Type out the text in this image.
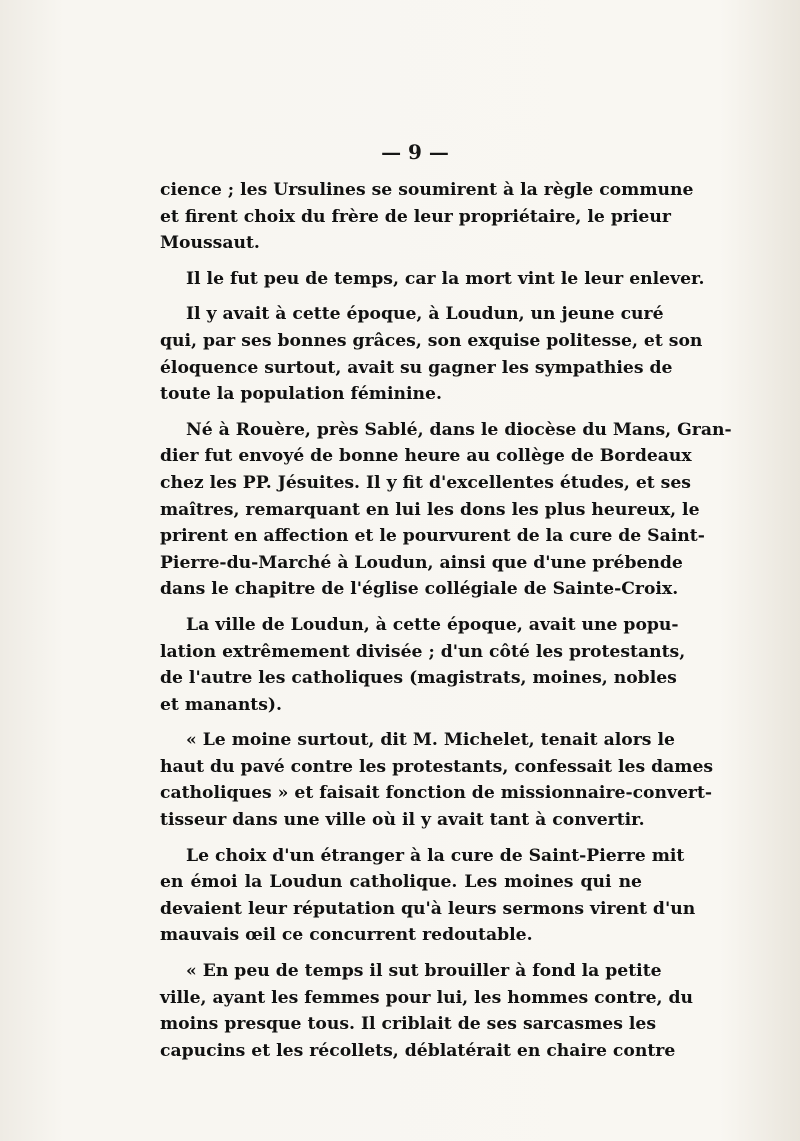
— 9 —
cience ; les Ursulines se soumirent à la règle commune
et firent choix du frère de leur propriétaire, le prieur
Moussaut.
Il le fut peu de temps, car la mort vint le leur enlever.
Il y avait à cette époque, à Loudun, un jeune curé
qui, par ses bonnes grâces, son exquise politesse, et son
éloquence surtout, avait su gagner les sympathies de
toute la population féminine.
Né à Rouère, près Sablé, dans le diocèse du Mans, Gran-
dier fut envoyé de bonne heure au collège de Bordeaux
chez les PP. Jésuites. Il y fit d'excellentes études, et ses
maîtres, remarquant en lui les dons les plus heureux, le
prirent en affection et le pourvurent de la cure de Saint-
Pierre-du-Marché à Loudun, ainsi que d'une prébende
dans le chapitre de l'église collégiale de Sainte-Croix.
La ville de Loudun, à cette époque, avait une popu-
lation extrêmement divisée ; d'un côté les protestants,
de l'autre les catholiques (magistrats, moines, nobles
et manants).
« Le moine surtout, dit M. Michelet, tenait alors le
haut du pavé contre les protestants, confessait les dames
catholiques » et faisait fonction de missionnaire-convert-
tisseur dans une ville où il y avait tant à convertir.
Le choix d'un étranger à la cure de Saint-Pierre mit
en émoi la Loudun catholique. Les moines qui ne
devaient leur réputation qu'à leurs sermons virent d'un
mauvais œil ce concurrent redoutable.
« En peu de temps il sut brouiller à fond la petite
ville, ayant les femmes pour lui, les hommes contre, du
moins presque tous. Il criblait de ses sarcasmes les
capucins et les récollets, déblatérait en chaire contre
